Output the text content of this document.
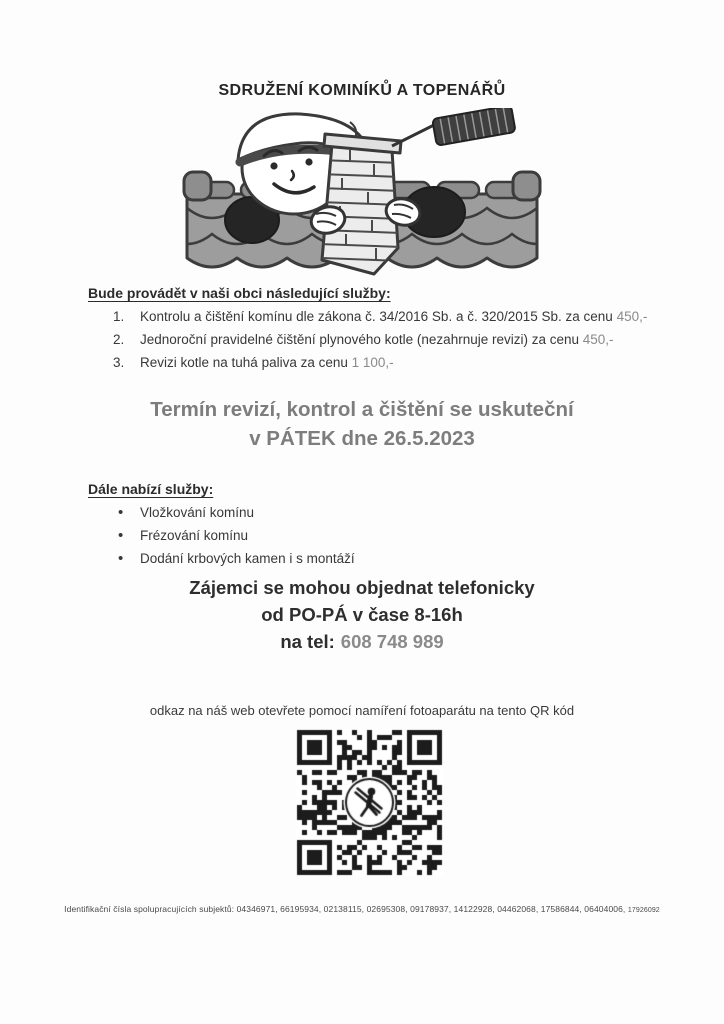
SDRUŽENÍ KOMINÍKŮ A TOPENÁŘŮ
Bude provádět v naši obci následující služby:
1.	Kontrolu a čištění komínu dle zákona č. 34/2016 Sb. a č. 320/2015 Sb. za cenu 450,-
2.	Jednoroční pravidelné čištění plynového kotle (nezahrnuje revizi) za cenu 450,-
3.	Revizi kotle na tuhá paliva za cenu 1 100,-
Termín revizí, kontrol a čištění se uskuteční
v PÁTEK dne 26.5.2023
Dále nabízí služby:
• Vložkování komínu
• Frézování komínu
• Dodání krbových kamen i s montáží
Zájemci se mohou objednat telefonicky
od PO-PÁ v čase 8-16h
na tel: 608 748 989
odkaz na náš web otevřete pomocí namíření fotoaparátu na tento QR kód
Identifikační čísla spolupracujících subjektů: 04346971, 66195934, 02138115, 02695308, 09178937, 14122928, 04462068, 17586844, 06404006, 17926092
